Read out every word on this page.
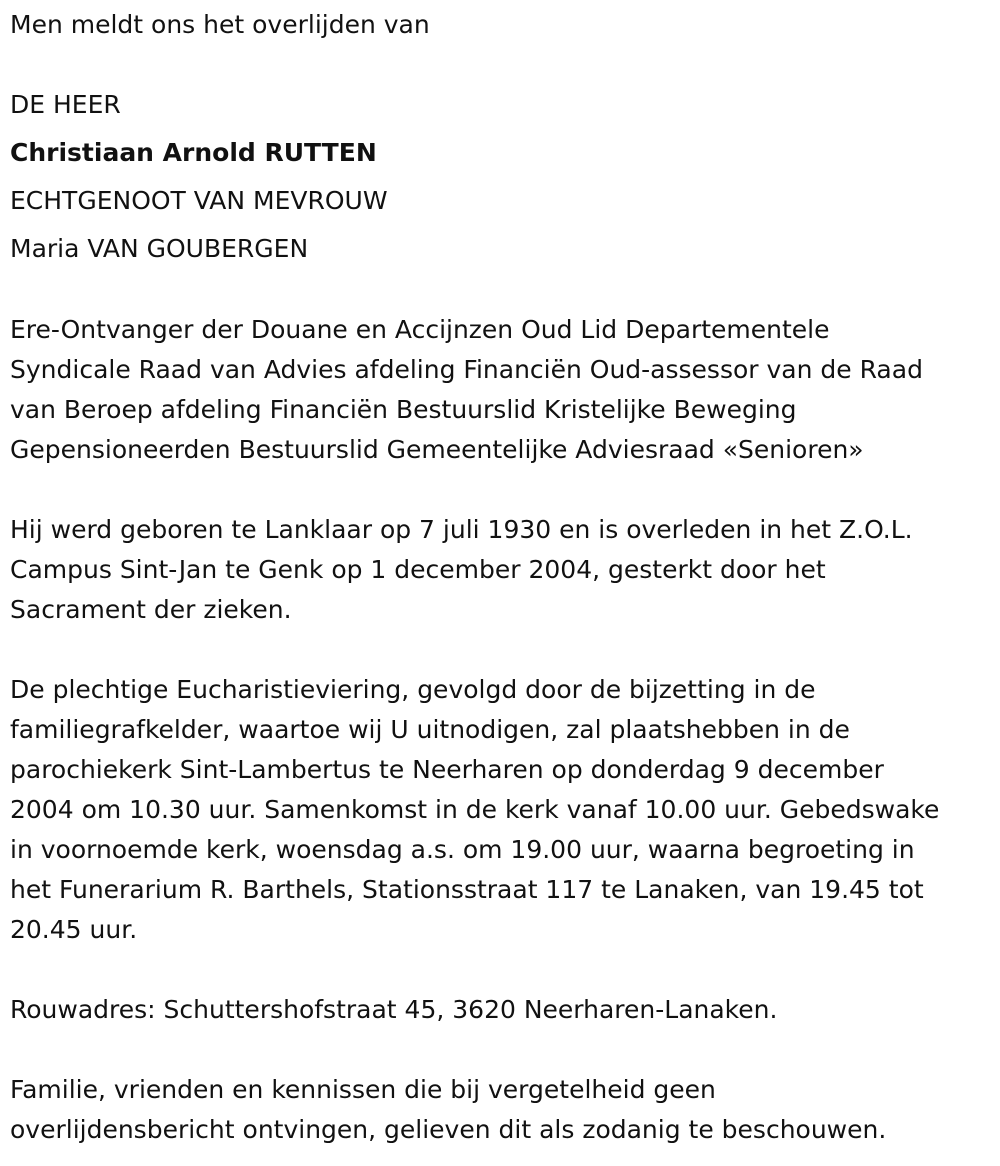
Men meldt ons het overlijden van

DE HEER

Christiaan Arnold RUTTEN

ECHTGENOOT VAN MEVROUW

Maria VAN GOUBERGEN

Ere-Ontvanger der Douane en Accijnzen Oud Lid Departementele
Syndicale Raad van Advies afdeling Financiën Oud-assessor van de Raad
van Beroep afdeling Financiën Bestuurslid Kristelijke Beweging
Gepensioneerden Bestuurslid Gemeentelijke Adviesraad «Senioren»
Hij werd geboren te Lanklaar op 7 juli 1930 en is overleden in het Z.O.L.
Campus Sint-Jan te Genk op 1 december 2004, gesterkt door het
Sacrament der zieken.
De plechtige Eucharistieviering, gevolgd door de bijzetting in de
familiegrafkelder, waartoe wij U uitnodigen, zal plaatshebben in de
parochiekerk Sint-Lambertus te Neerharen op donderdag 9 december
2004 om 10.30 uur. Samenkomst in de kerk vanaf 10.00 uur. Gebedswake
in voornoemde kerk, woensdag a.s. om 19.00 uur, waarna begroeting in
het Funerarium R. Barthels, Stationsstraat 117 te Lanaken, van 19.45 tot
20.45 uur.
Rouwadres: Schuttershofstraat 45, 3620 Neerharen-Lanaken.
Familie, vrienden en kennissen die bij vergetelheid geen
overlijdensbericht ontvingen, gelieven dit als zodanig te beschouwen.
